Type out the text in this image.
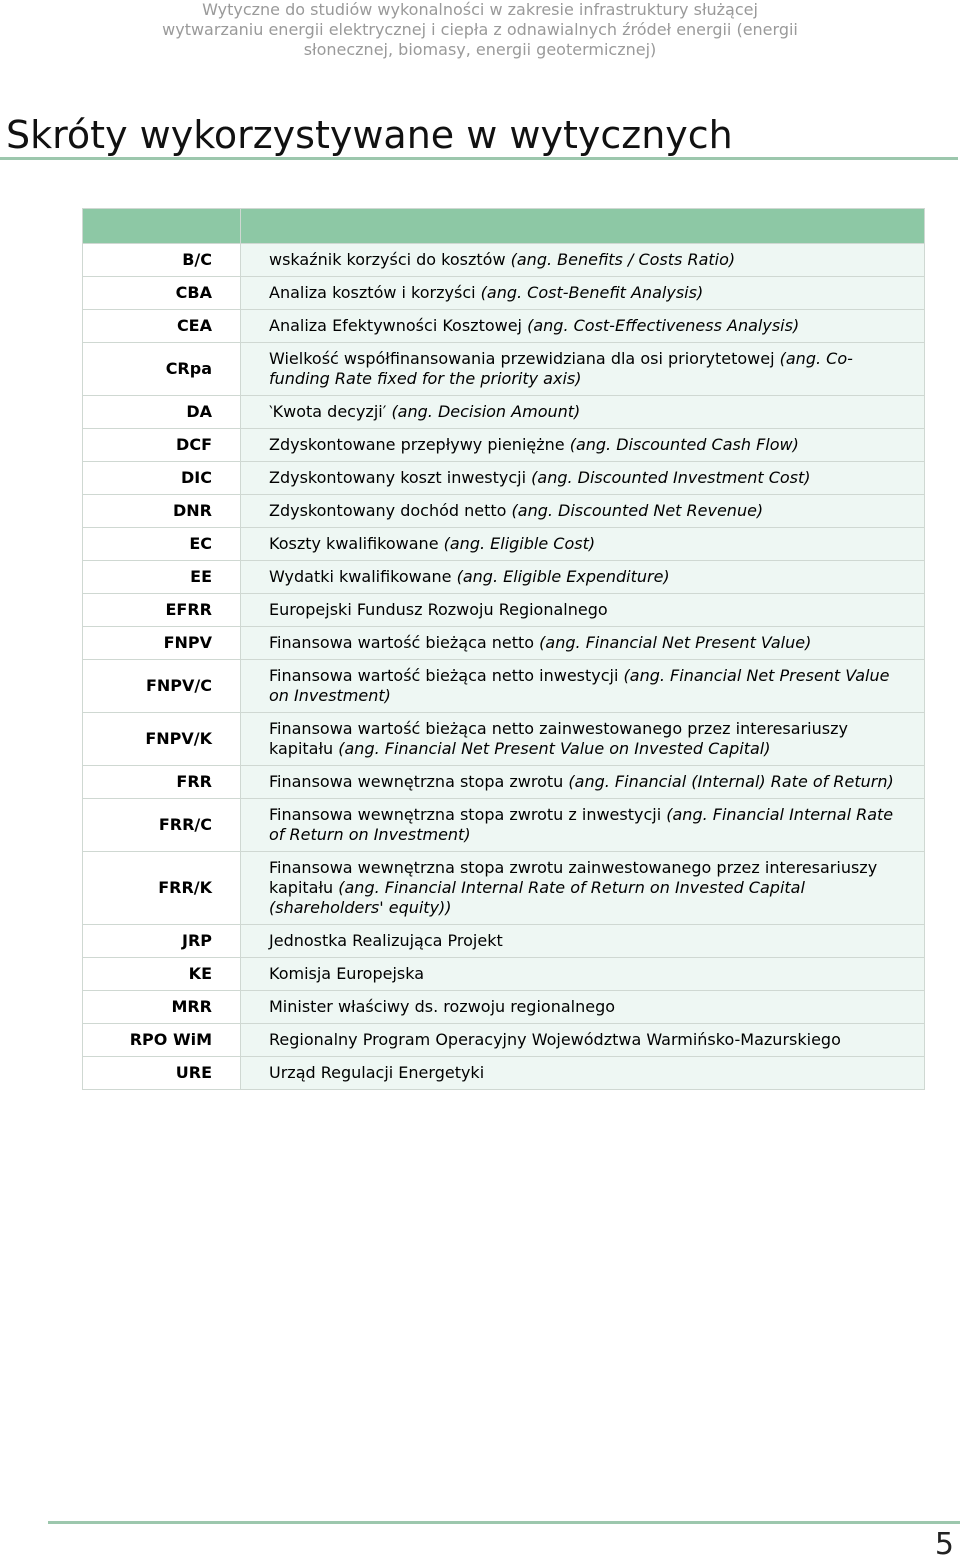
Wytyczne do studiów wykonalności w zakresie infrastruktury służącej
wytwarzaniu energii elektrycznej i ciepła z odnawialnych źródeł energii (energii
słonecznej, biomasy, energii geotermicznej)
Skróty wykorzystywane w wytycznych

B/C	wskaźnik korzyści do kosztów (ang. Benefits / Costs Ratio)
CBA	Analiza kosztów i korzyści (ang. Cost-Benefit Analysis)
CEA	Analiza Efektywności Kosztowej (ang. Cost-Effectiveness Analysis)
CRpa	Wielkość współfinansowania przewidziana dla osi priorytetowej (ang. Co-funding Rate fixed for the priority axis)
DA	‵Kwota decyzji′ (ang. Decision Amount)
DCF	Zdyskontowane przepływy pieniężne (ang. Discounted Cash Flow)
DIC	Zdyskontowany koszt inwestycji (ang. Discounted Investment Cost)
DNR	Zdyskontowany dochód netto (ang. Discounted Net Revenue)
EC	Koszty kwalifikowane (ang. Eligible Cost)
EE	Wydatki kwalifikowane (ang. Eligible Expenditure)
EFRR	Europejski Fundusz Rozwoju Regionalnego
FNPV	Finansowa wartość bieżąca netto (ang. Financial Net Present Value)
FNPV/C	Finansowa wartość bieżąca netto inwestycji (ang. Financial Net Present Value on Investment)
FNPV/K	Finansowa wartość bieżąca netto zainwestowanego przez interesariuszy kapitału (ang. Financial Net Present Value on Invested Capital)
FRR	Finansowa wewnętrzna stopa zwrotu (ang. Financial (Internal) Rate of Return)
FRR/C	Finansowa wewnętrzna stopa zwrotu z inwestycji (ang. Financial Internal Rate of Return on Investment)
FRR/K	Finansowa wewnętrzna stopa zwrotu zainwestowanego przez interesariuszy kapitału (ang. Financial Internal Rate of Return on Invested Capital (shareholders' equity))
JRP	Jednostka Realizująca Projekt
KE	Komisja Europejska
MRR	Minister właściwy ds. rozwoju regionalnego
RPO WiM	Regionalny Program Operacyjny Województwa Warmińsko-Mazurskiego
URE	Urząd Regulacji Energetyki
5
